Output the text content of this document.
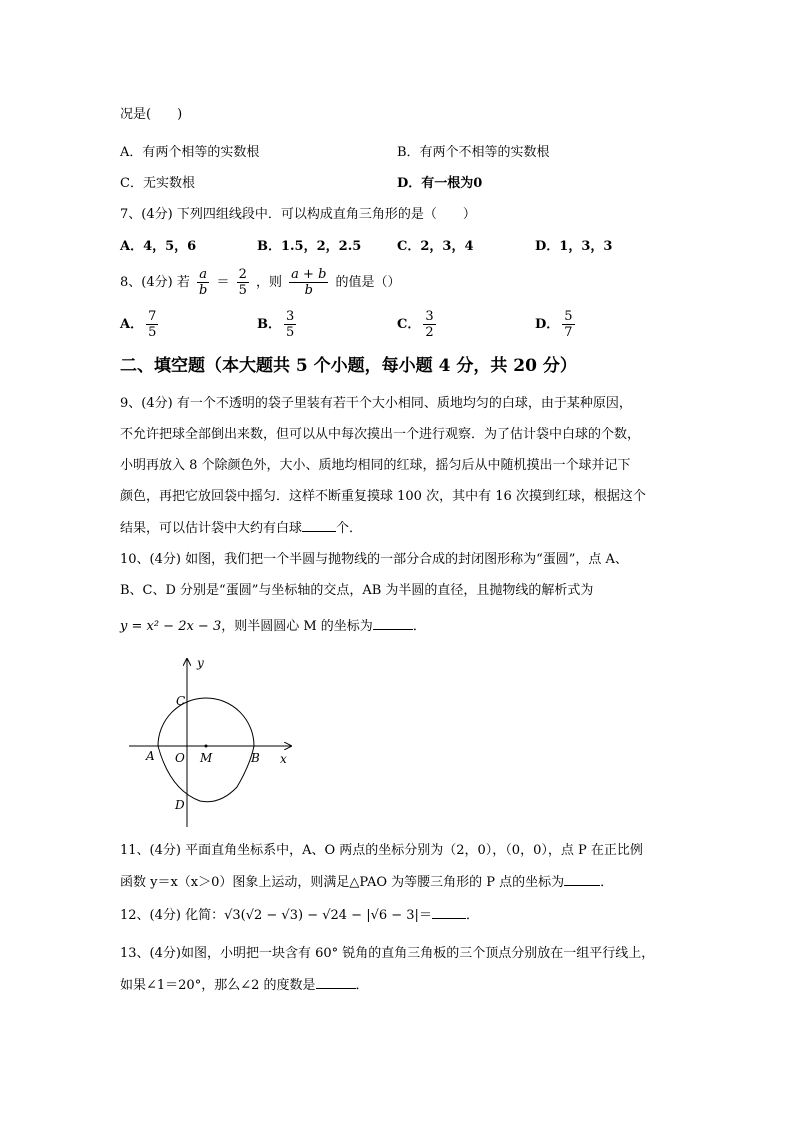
况是(　　)
A．有两个相等的实数根	B．有两个不相等的实数根
C．无实数根	D．有一根为0
7、(4分) 下列四组线段中．可以构成直角三角形的是（　　）
A．4，5，6	B．1.5，2，2.5	C．2，3，4	D．1，3，3
8、(4分) 若 $\frac{a}{b} = \frac{2}{5}$ ，则 $\frac{a + b}{b}$ 的值是（）
A． $\frac{7}{5}$	B． $\frac{3}{5}$	C． $\frac{3}{2}$	D． $\frac{5}{7}$
二、填空题（本大题共 5 个小题，每小题 4 分，共 20 分）
9、(4分) 有一个不透明的袋子里装有若干个大小相同、质地均匀的白球，由于某种原因，
不允许把球全部倒出来数，但可以从中每次摸出一个进行观察．为了估计袋中白球的个数，
小明再放入 8 个除颜色外，大小、质地均相同的红球，摇匀后从中随机摸出一个球并记下
颜色，再把它放回袋中摇匀．这样不断重复摸球 100 次，其中有 16 次摸到红球，根据这个
结果，可以估计袋中大约有白球	个．
10、(4分) 如图，我们把一个半圆与抛物线的一部分合成的封闭图形称为“蛋圆”，点 A、
B、C、D 分别是“蛋圆”与坐标轴的交点，AB 为半圆的直径，且抛物线的解析式为
y = x² − 2x − 3，则半圆圆心 M 的坐标为	．
y
x
C
A O M	B
D
11、(4分) 平面直角坐标系中，A、O 两点的坐标分别为（2，0），（0，0），点 P 在正比例
函数 y＝x（x＞0）图象上运动，则满足△PAO 为等腰三角形的 P 点的坐标为	．
12、(4分) 化简：√3(√2 − √3) − √24 − |√6 − 3|＝	．
13、(4分)如图，小明把一块含有 60° 锐角的直角三角板的三个顶点分别放在一组平行线上，
如果∠1＝20°，那么∠2 的度数是	．
